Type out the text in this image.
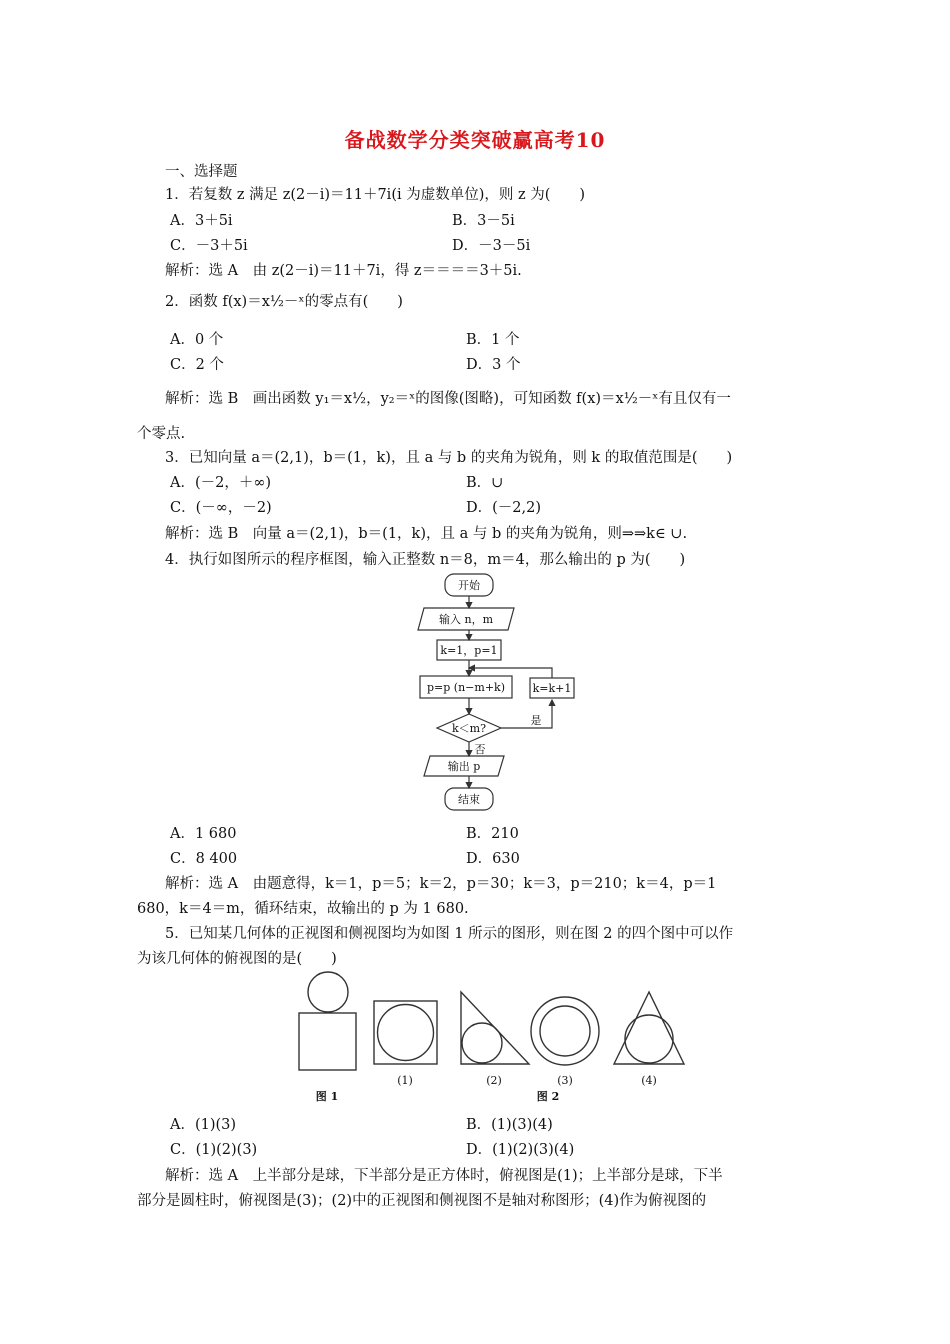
备战数学分类突破赢高考10
一、选择题
1．若复数 z 满足 z(2－i)＝11＋7i(i 为虚数单位)，则 z 为(　　)
A．3＋5i	B．3－5i
C．－3＋5i	D．－3－5i
解析：选 A　由 z(2－i)＝11＋7i，得 z＝＝＝＝3＋5i.
2．函数 f(x)＝x½－ˣ的零点有(　　)
A．0 个	B．1 个
C．2 个	D．3 个
解析：选 B　画出函数 y₁＝x½，y₂＝ˣ的图像(图略)，可知函数 f(x)＝x½－ˣ有且仅有一
个零点.
3．已知向量 a＝(2,1)，b＝(1，k)，且 a 与 b 的夹角为锐角，则 k 的取值范围是(　　)
A．(－2，＋∞)	B．∪
C．(－∞，－2)	D．(－2,2)
解析：选 B　向量 a＝(2,1)，b＝(1，k)，且 a 与 b 的夹角为锐角，则⇒⇒k∈ ∪.
4．执行如图所示的程序框图，输入正整数 n＝8，m＝4，那么输出的 p 为(　　)
开始
输入 n，m
k=1，p=1
p=p (n−m+k)	k=k+1
k＜m?
是
否
输出 p
结束
A．1 680	B．210
C．8 400	D．630
解析：选 A　由题意得，k＝1，p＝5；k＝2，p＝30；k＝3，p＝210；k＝4，p＝1
680，k＝4＝m，循环结束，故输出的 p 为 1 680.
5．已知某几何体的正视图和侧视图均为如图 1 所示的图形，则在图 2 的四个图中可以作
为该几何体的俯视图的是(　　)
(1)	(2)	(3)	(4)
图 1	图 2
A．(1)(3)	B．(1)(3)(4)
C．(1)(2)(3)	D．(1)(2)(3)(4)
解析：选 A　上半部分是球，下半部分是正方体时，俯视图是(1)；上半部分是球，下半
部分是圆柱时，俯视图是(3)；(2)中的正视图和侧视图不是轴对称图形；(4)作为俯视图的
